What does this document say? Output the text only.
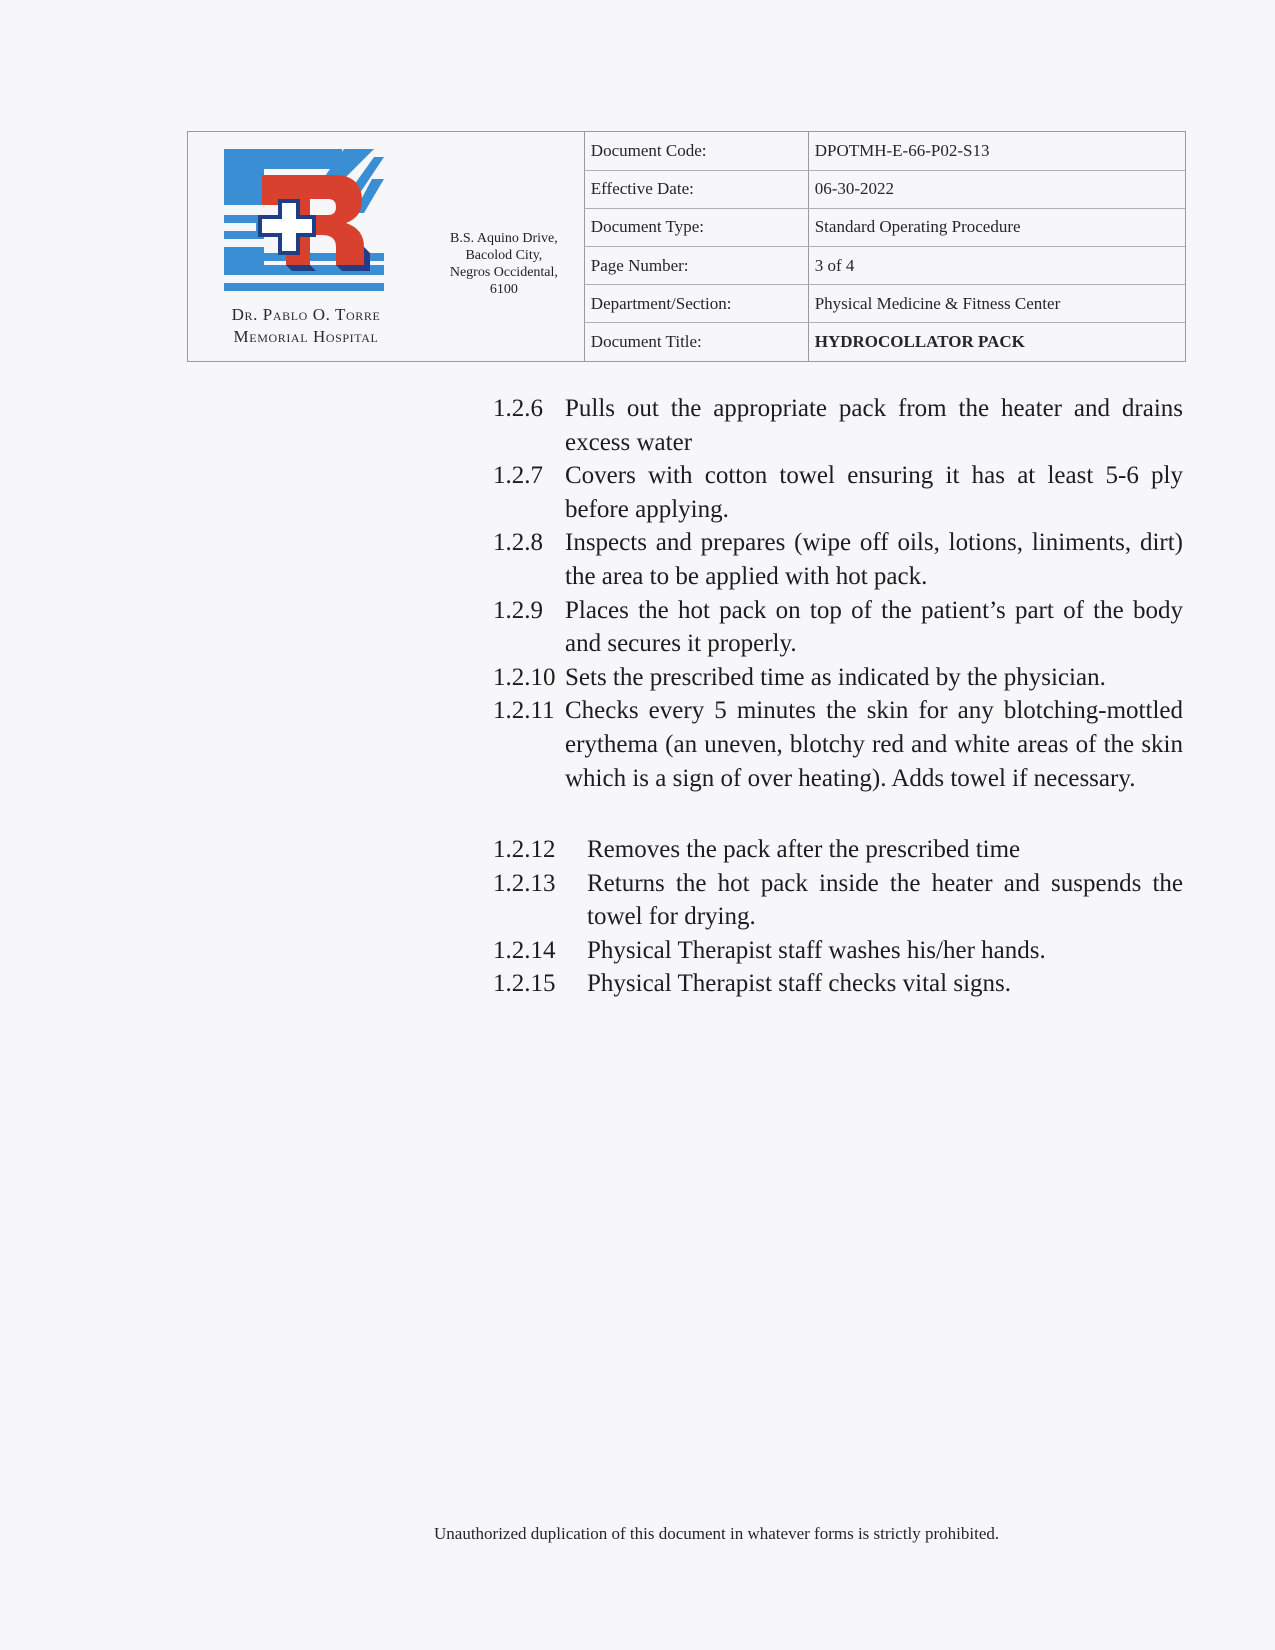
Dr. Pablo O. Torre
Memorial Hospital
B.S. Aquino Drive,
Bacolod City,
Negros Occidental,
6100
Document Code:	DPOTMH-E-66-P02-S13
Effective Date:	06-30-2022
Document Type:	Standard Operating Procedure
Page Number:	3 of 4
Department/Section:	Physical Medicine & Fitness Center
Document Title:	HYDROCOLLATOR PACK
1.2.6 Pulls out the appropriate pack from the heater and drains excess water
1.2.7 Covers with cotton towel ensuring it has at least 5-6 ply before applying.
1.2.8 Inspects and prepares (wipe off oils, lotions, liniments, dirt) the area to be applied with hot pack.
1.2.9 Places the hot pack on top of the patient’s part of the body and secures it properly.
1.2.10 Sets the prescribed time as indicated by the physician.
1.2.11 Checks every 5 minutes the skin for any blotching-mottled erythema (an uneven, blotchy red and white areas of the skin which is a sign of over heating). Adds towel if necessary.
1.2.12	Removes the pack after the prescribed time
1.2.13	Returns the hot pack inside the heater and suspends the towel for drying.
1.2.14	Physical Therapist staff washes his/her hands.
1.2.15	Physical Therapist staff checks vital signs.
Unauthorized duplication of this document in whatever forms is strictly prohibited.
